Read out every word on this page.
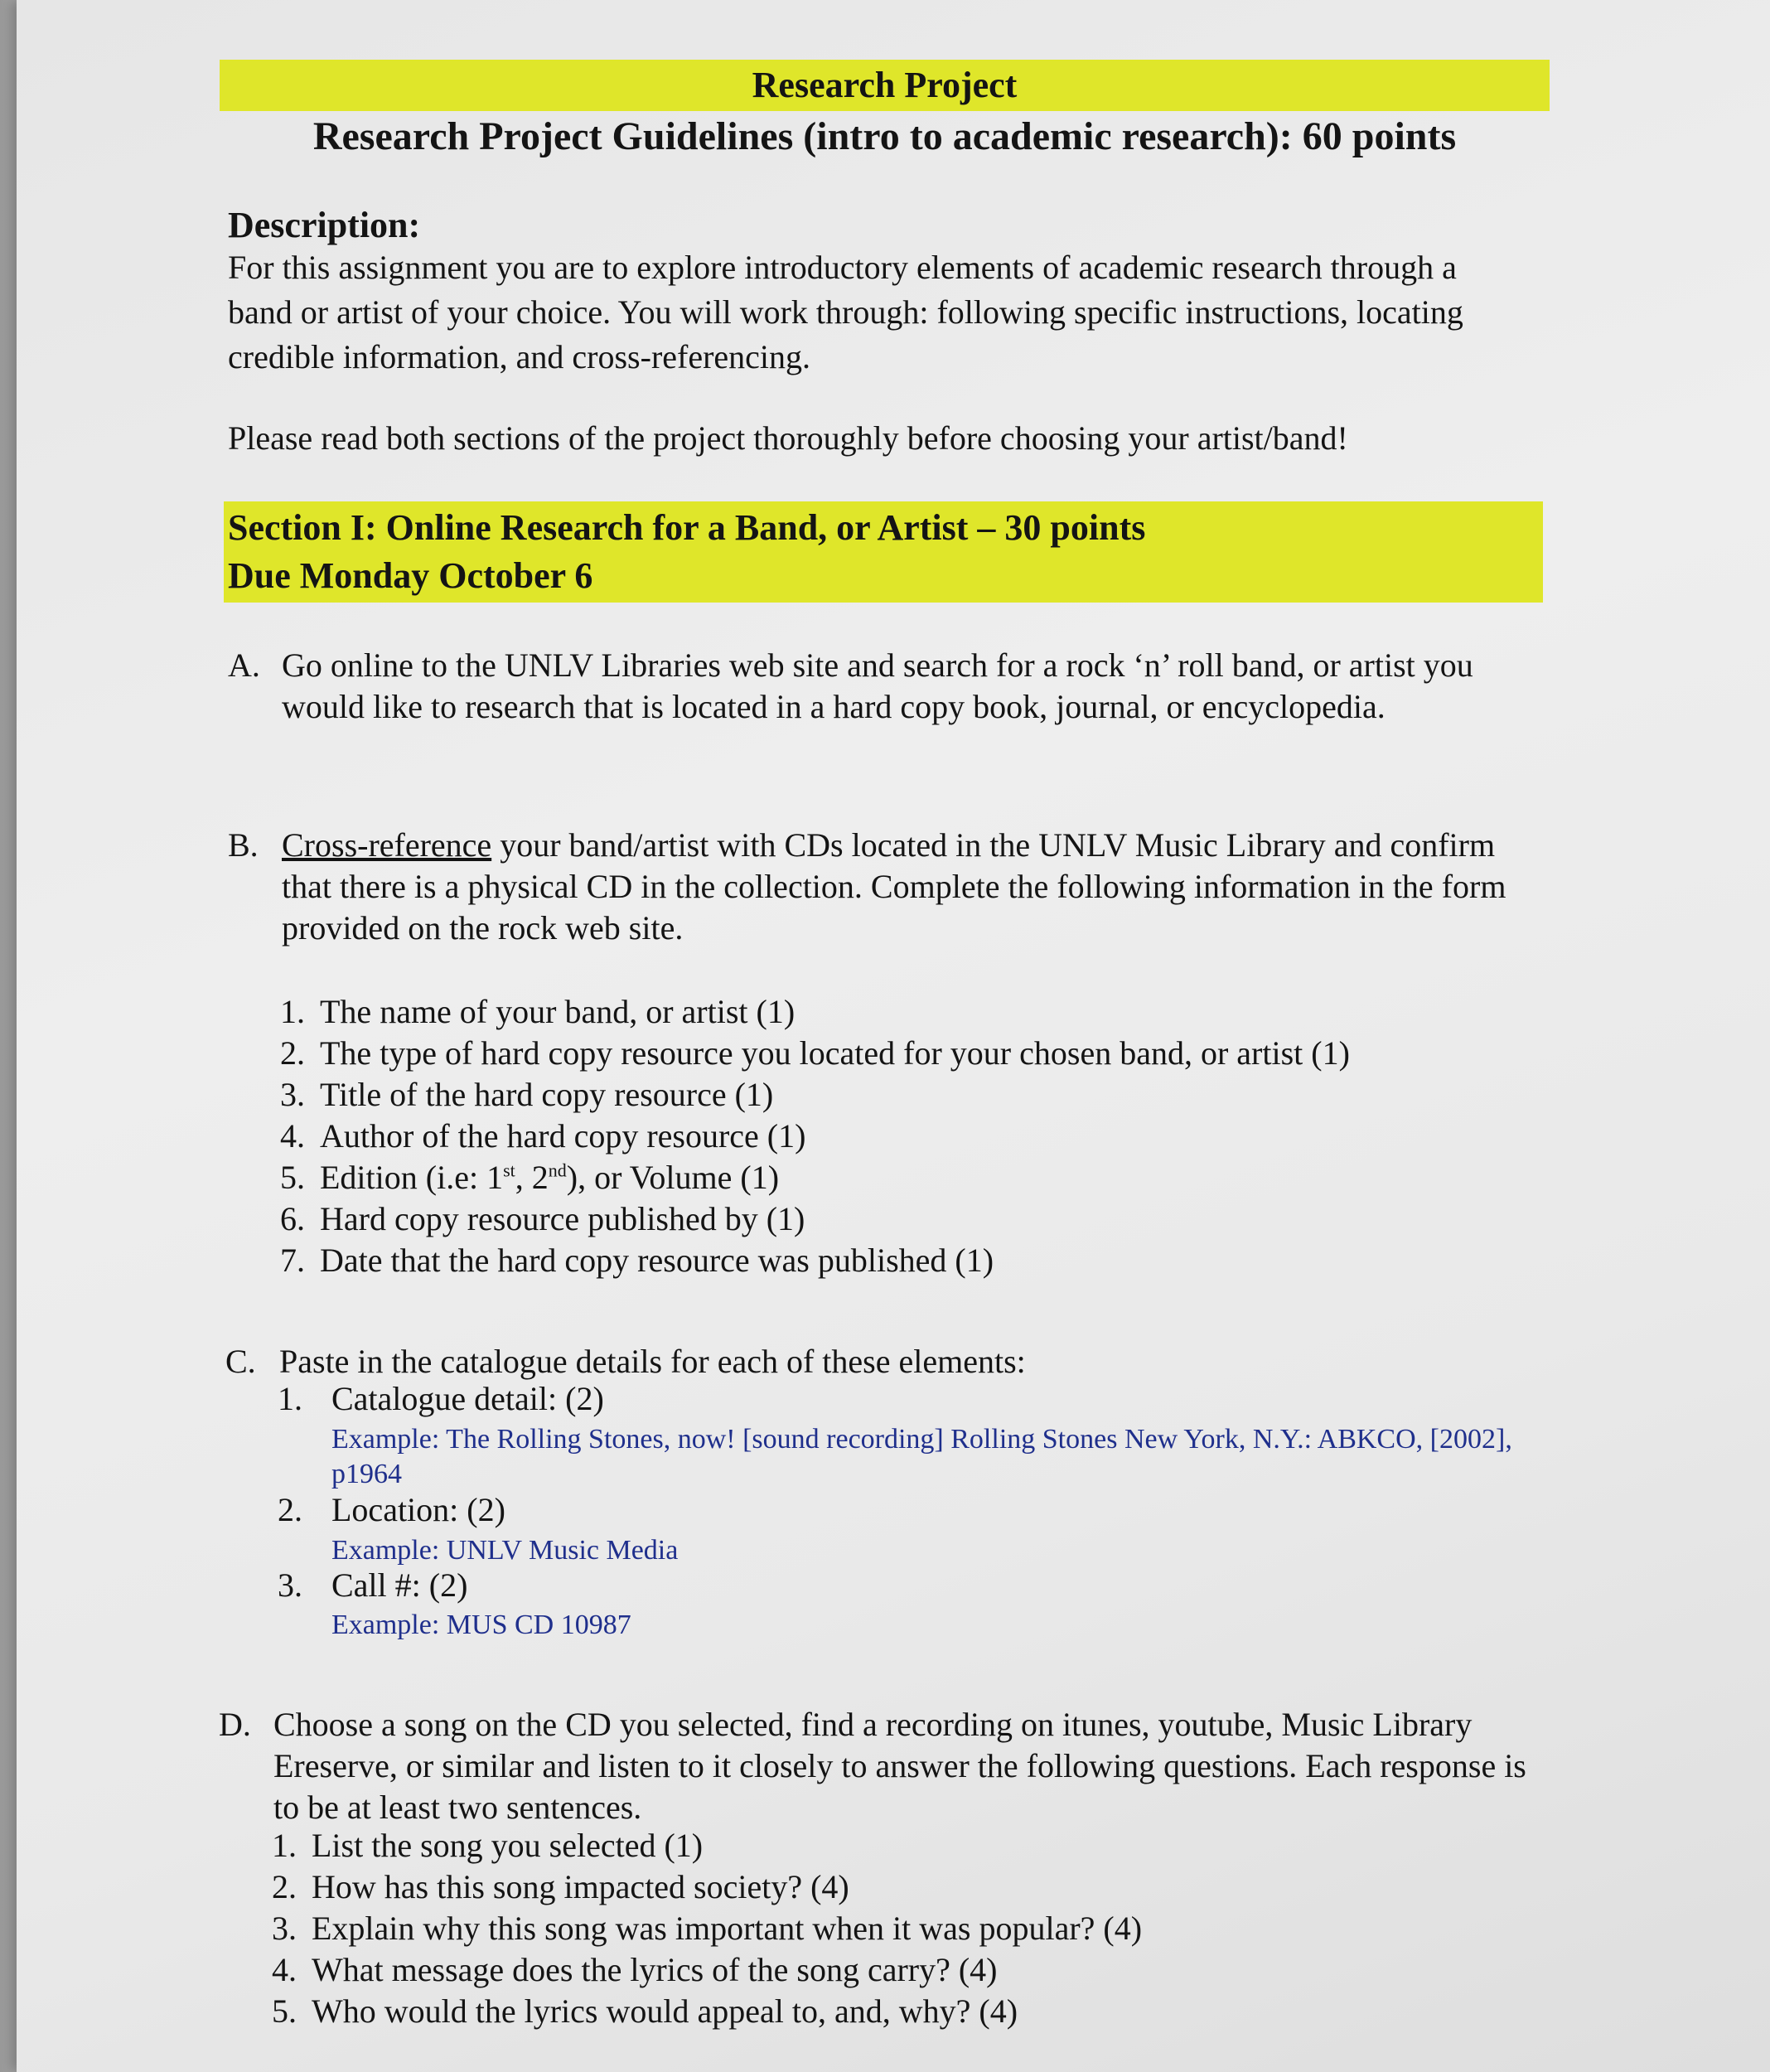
Research Project
Research Project Guidelines (intro to academic research): 60 points
Description:

For this assignment you are to explore introductory elements of academic research through a band or artist of your choice. You will work through: following specific instructions, locating credible information, and cross-referencing.

Please read both sections of the project thoroughly before choosing your artist/band!

Section I: Online Research for a Band, or Artist – 30 points
Due Monday October 6
A. Go online to the UNLV Libraries web site and search for a rock ‘n’ roll band, or artist you would like to research that is located in a hard copy book, journal, or encyclopedia.

B. Cross-reference your band/artist with CDs located in the UNLV Music Library and confirm that there is a physical CD in the collection. Complete the following information in the form provided on the rock web site.

1. The name of your band, or artist (1)
2. The type of hard copy resource you located for your chosen band, or artist (1)
3. Title of the hard copy resource (1)
4. Author of the hard copy resource (1)
5. Edition (i.e: 1st, 2nd), or Volume (1)
6. Hard copy resource published by (1)
7. Date that the hard copy resource was published (1)
C. Paste in the catalogue details for each of these elements:

1. Catalogue detail: (2)

Example: The Rolling Stones, now! [sound recording] Rolling Stones New York, N.Y.: ABKCO, [2002], p1964

2. Location: (2)

Example: UNLV Music Media

3. Call #: (2)

Example: MUS CD 10987

D. Choose a song on the CD you selected, find a recording on itunes, youtube, Music Library Ereserve, or similar and listen to it closely to answer the following questions. Each response is to be at least two sentences.

1. List the song you selected (1)
2. How has this song impacted society? (4)
3. Explain why this song was important when it was popular? (4)
4. What message does the lyrics of the song carry? (4)
5. Who would the lyrics would appeal to, and, why? (4)
